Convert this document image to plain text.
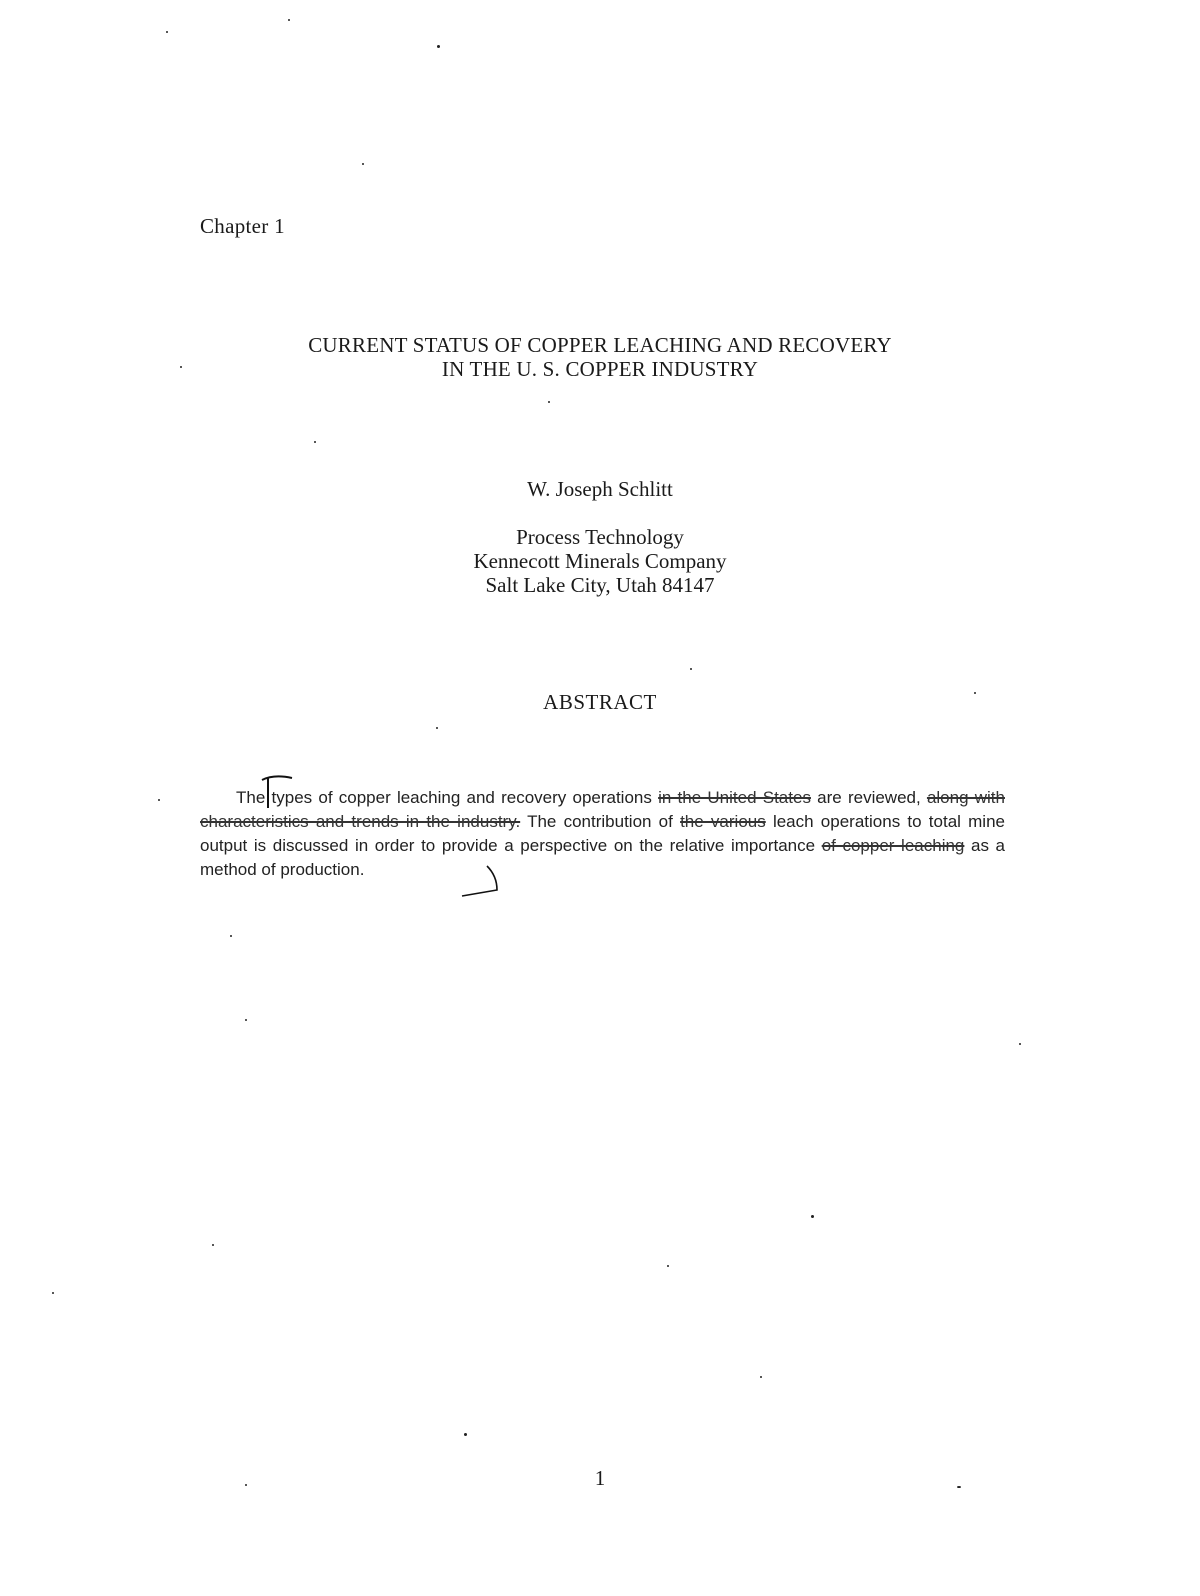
Chapter 1
CURRENT STATUS OF COPPER LEACHING AND RECOVERY
IN THE U. S. COPPER INDUSTRY
W. Joseph Schlitt
Process Technology
Kennecott Minerals Company
Salt Lake City, Utah 84147
ABSTRACT
The types of copper leaching and recovery operations in the United States are reviewed, along with characteristics and trends in the industry. The contribution of the various leach operations to total mine output is discussed in order to provide a perspective on the relative importance of copper leaching as a method of production.
1
